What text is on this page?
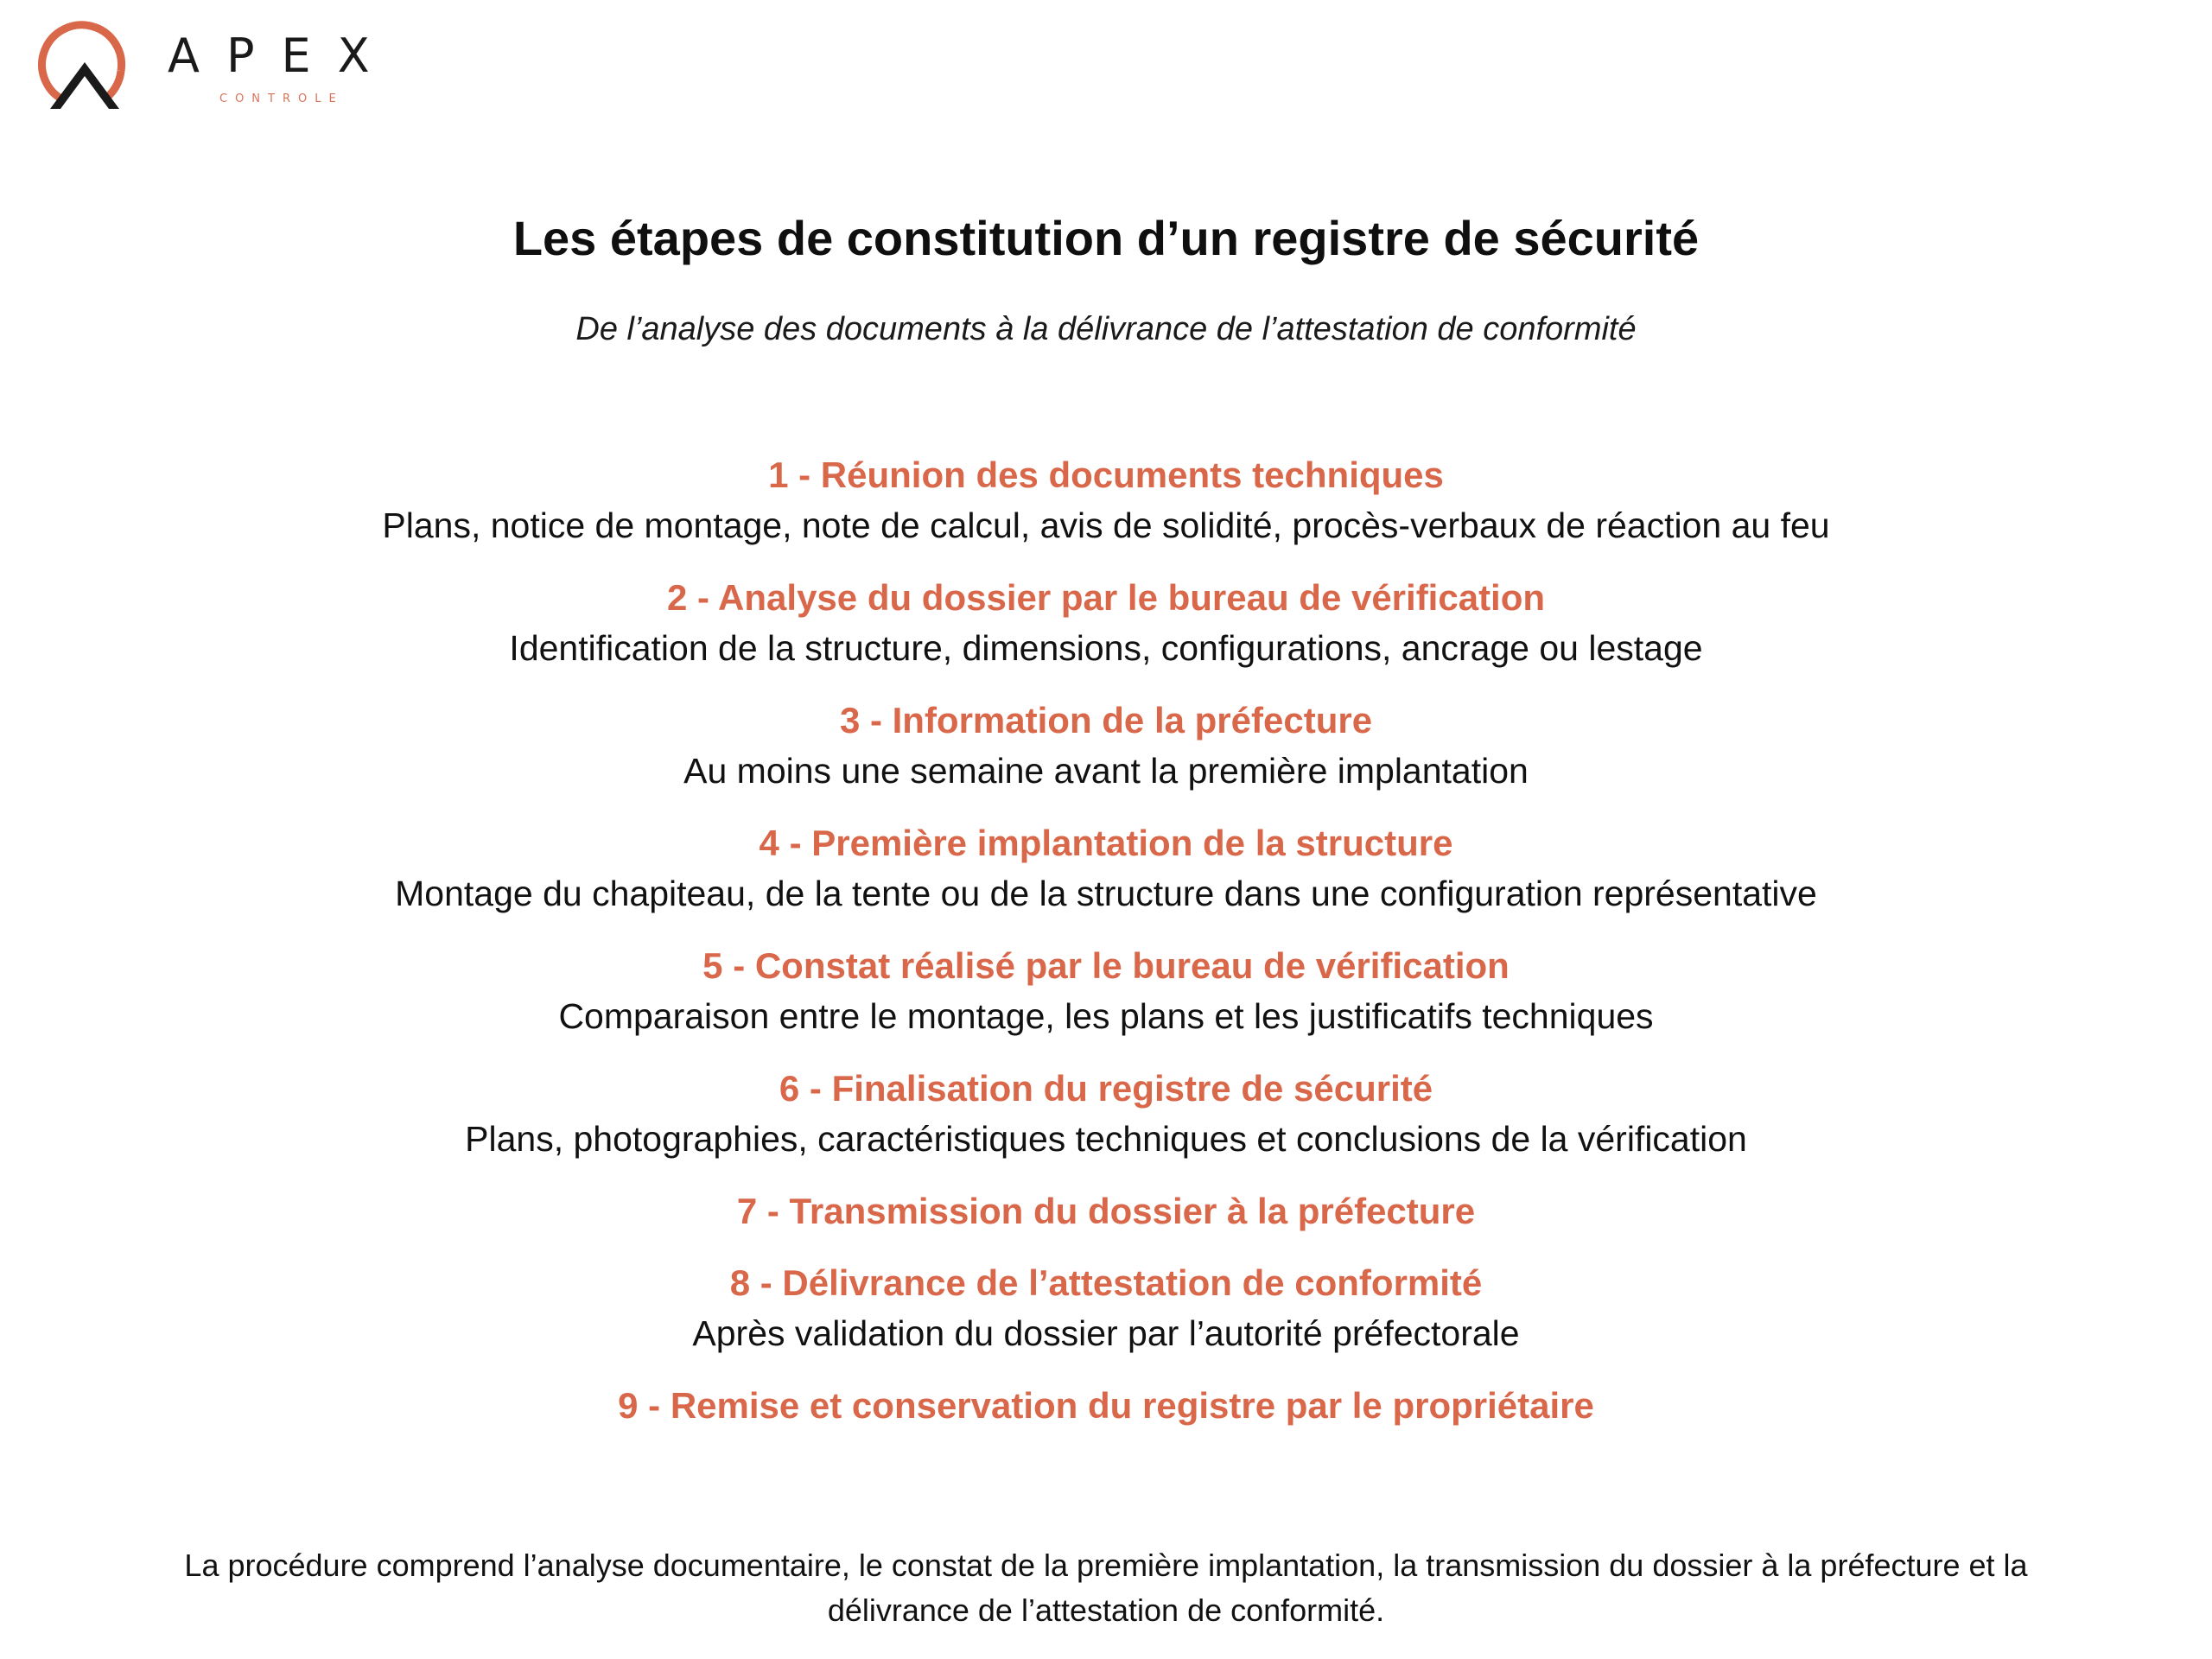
APEX
CONTROLE
Les étapes de constitution d’un registre de sécurité

De l’analyse des documents à la délivrance de l’attestation de conformité

1 - Réunion des documents techniques
Plans, notice de montage, note de calcul, avis de solidité, procès-verbaux de réaction au feu
2 - Analyse du dossier par le bureau de vérification
Identification de la structure, dimensions, configurations, ancrage ou lestage
3 - Information de la préfecture
Au moins une semaine avant la première implantation
4 - Première implantation de la structure
Montage du chapiteau, de la tente ou de la structure dans une configuration représentative
5 - Constat réalisé par le bureau de vérification
Comparaison entre le montage, les plans et les justificatifs techniques
6 - Finalisation du registre de sécurité
Plans, photographies, caractéristiques techniques et conclusions de la vérification
7 - Transmission du dossier à la préfecture
8 - Délivrance de l’attestation de conformité
Après validation du dossier par l’autorité préfectorale
9 - Remise et conservation du registre par le propriétaire

La procédure comprend l’analyse documentaire, le constat de la première implantation, la transmission du dossier à la préfecture et la délivrance de l’attestation de conformité.
